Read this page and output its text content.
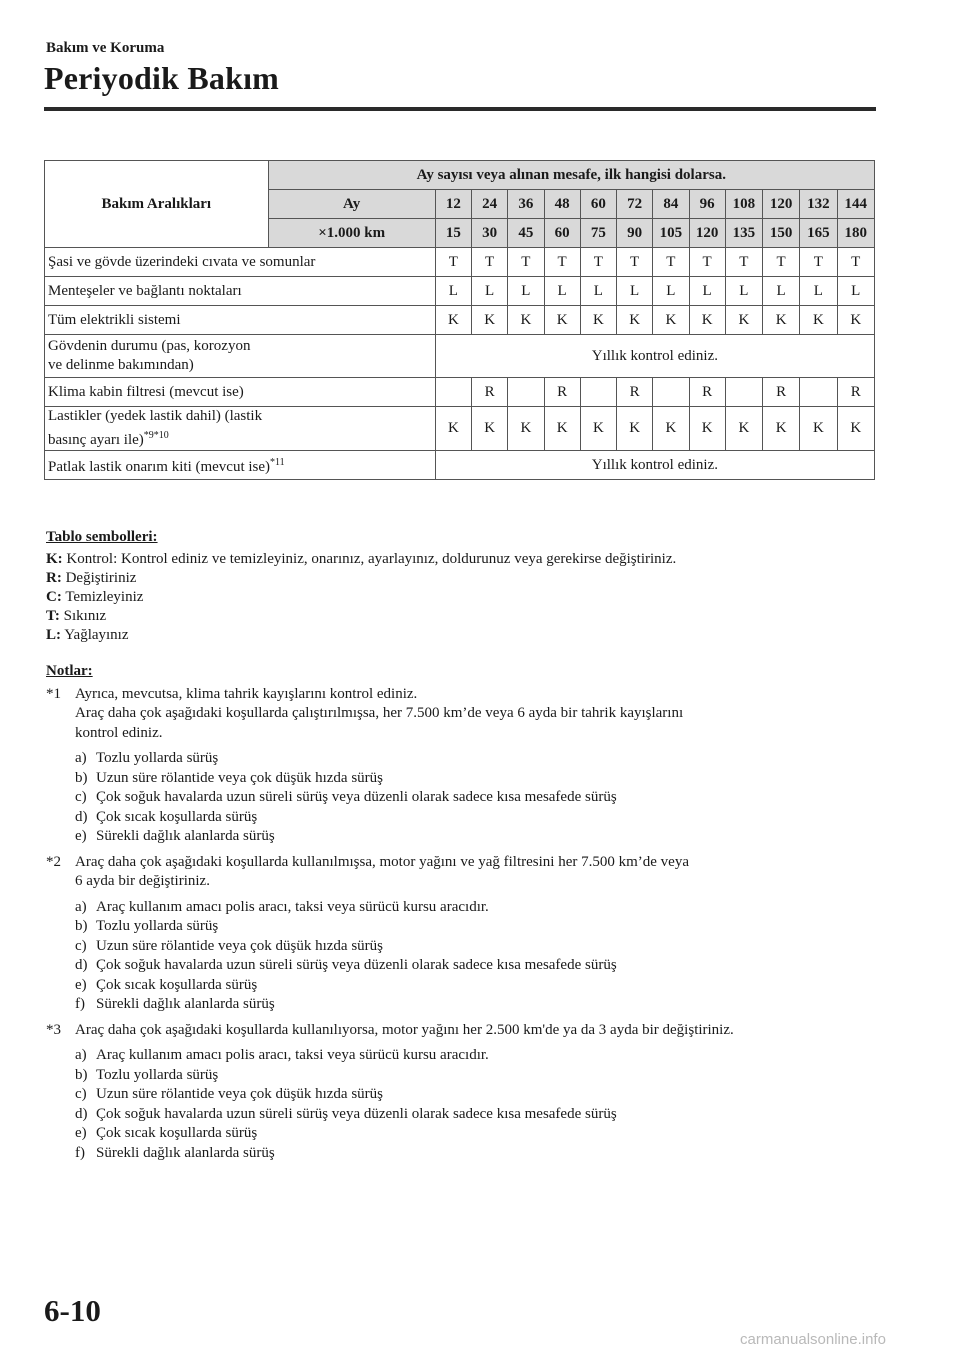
Bakım ve Koruma
Periyodik Bakım
Bakım Aralıkları	Ay sayısı veya alınan mesafe, ilk hangisi dolarsa.												
	Ay	12	24	36	48	60	72	84	96	108	120	132	144
	×1.000 km	15	30	45	60	75	90	105	120	135	150	165	180
Şasi ve gövde üzerindeki cıvata ve somunlar		T	T	T	T	T	T	T	T	T	T	T	T
Menteşeler ve bağlantı noktaları		L	L	L	L	L	L	L	L	L	L	L	L
Tüm elektrikli sistemi		K	K	K	K	K	K	K	K	K	K	K	K
Gövdenin durumu (pas, korozyon
ve delinme bakımından)		Yıllık kontrol ediniz.											
Klima kabin filtresi (mevcut ise)			R		R		R		R		R		R
Lastikler (yedek lastik dahil) (lastik
basınç ayarı ile)$^{*9*10}$		K	K	K	K	K	K	K	K	K	K	K	K
Patlak lastik onarım kiti (mevcut ise)$^{*11}$		Yıllık kontrol ediniz.											
Tablo sembolleri:
K: Kontrol: Kontrol ediniz ve temizleyiniz, onarınız, ayarlayınız, doldurunuz veya gerekirse değiştiriniz.
R: Değiştiriniz
C: Temizleyiniz
T: Sıkınız
L: Yağlayınız
Notlar:
*1 Ayrıca, mevcutsa, klima tahrik kayışlarını kontrol ediniz.
Araç daha çok aşağıdaki koşullarda çalıştırılmışsa, her 7.500 km’de veya 6 ayda bir tahrik kayışlarını
kontrol ediniz.
a) Tozlu yollarda sürüş
b) Uzun süre rölantide veya çok düşük hızda sürüş
c) Çok soğuk havalarda uzun süreli sürüş veya düzenli olarak sadece kısa mesafede sürüş
d) Çok sıcak koşullarda sürüş
e) Sürekli dağlık alanlarda sürüş
*2 Araç daha çok aşağıdaki koşullarda kullanılmışsa, motor yağını ve yağ filtresini her 7.500 km’de veya
6 ayda bir değiştiriniz.
a) Araç kullanım amacı polis aracı, taksi veya sürücü kursu aracıdır.
b) Tozlu yollarda sürüş
c) Uzun süre rölantide veya çok düşük hızda sürüş
d) Çok soğuk havalarda uzun süreli sürüş veya düzenli olarak sadece kısa mesafede sürüş
e) Çok sıcak koşullarda sürüş
f) Sürekli dağlık alanlarda sürüş
*3 Araç daha çok aşağıdaki koşullarda kullanılıyorsa, motor yağını her 2.500 km'de ya da 3 ayda bir değiştiriniz.
a) Araç kullanım amacı polis aracı, taksi veya sürücü kursu aracıdır.
b) Tozlu yollarda sürüş
c) Uzun süre rölantide veya çok düşük hızda sürüş
d) Çok soğuk havalarda uzun süreli sürüş veya düzenli olarak sadece kısa mesafede sürüş
e) Çok sıcak koşullarda sürüş
f) Sürekli dağlık alanlarda sürüş
6-10
carmanualsonline.info
